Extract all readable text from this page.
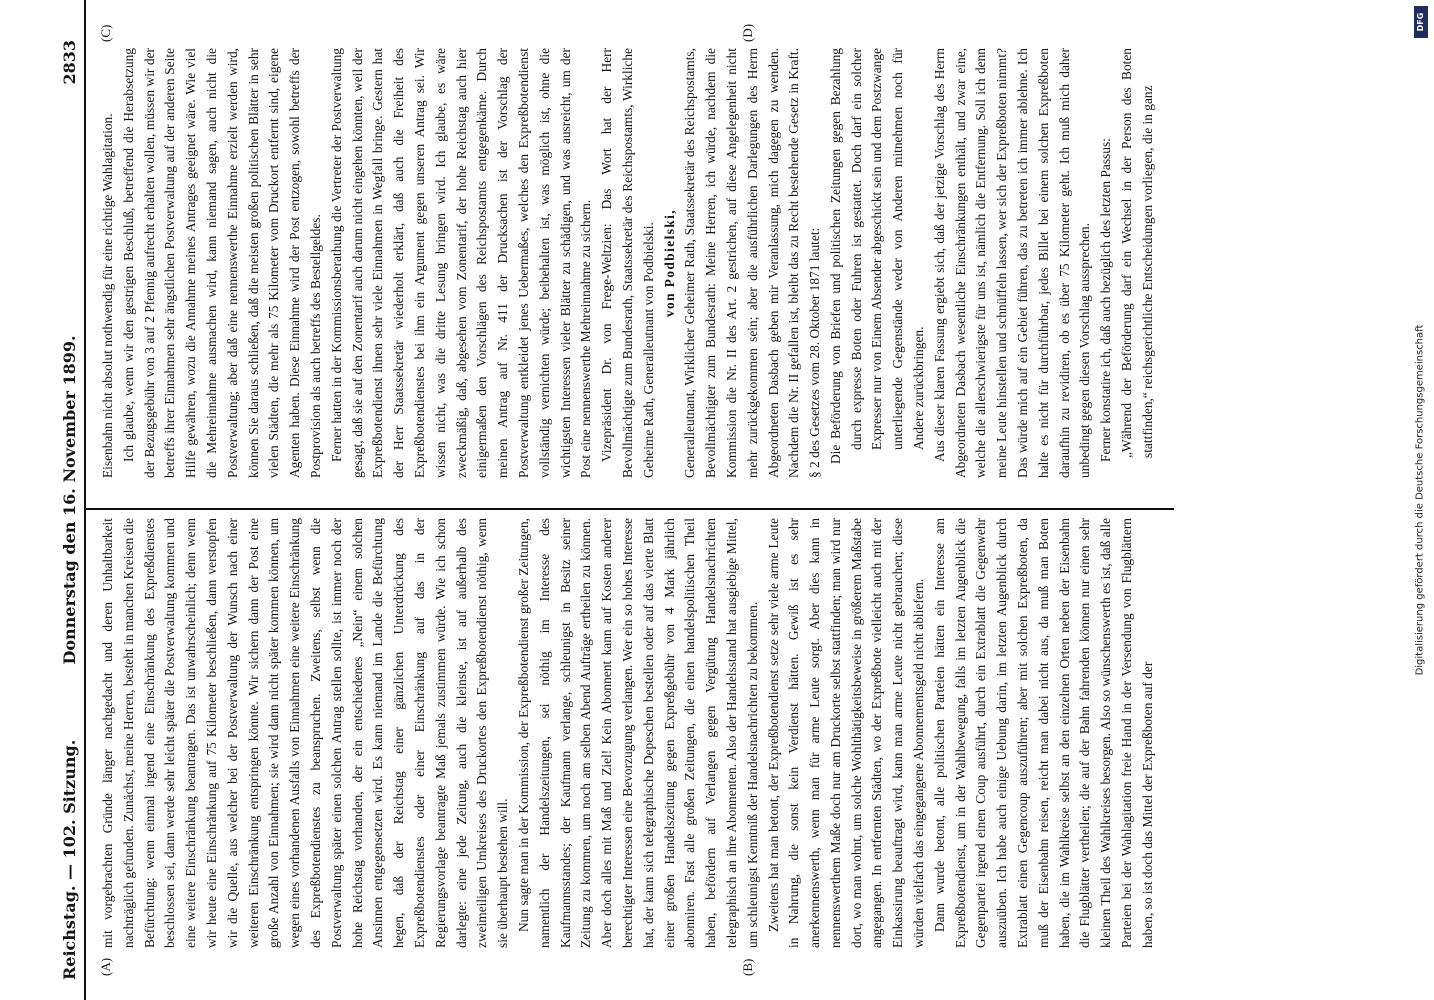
Reichstag. — 102. Sitzung.
Donnerstag den 16. November 1899.
2833
(A)	(B)
(C)	(D)

mit vorgebrachten Gründe länger nachgedacht und deren Unhaltbarkeit nachträglich gefunden. Zunächst, meine Herren, besteht in manchen Kreisen die Befürchtung: wenn einmal irgend eine Einschränkung des Expreßdienstes beschlossen sei, dann werde sehr leicht später die Postverwaltung kommen und eine weitere Einschränkung beantragen. Das ist unwahrscheinlich; denn wenn wir heute eine Einschränkung auf 75 Kilometer beschließen, dann verstopfen wir die Quelle, aus welcher bei der Postverwaltung der Wunsch nach einer weiteren Einschränkung entspringen könnte. Wir sichern dann der Post eine große Anzahl von Einnahmen; sie wird dann nicht später kommen können, um wegen eines vorhandenen Ausfalls von Einnahmen eine weitere Einschränkung des Expreßbotendienstes zu beanspruchen. Zweitens, selbst wenn die Postverwaltung später einen solchen Antrag stellen sollte, ist immer noch der hohe Reichstag vorhanden, der ein entschiedenes „Nein“ einem solchen Ansinnen entgegensetzen wird. Es kann niemand im Lande die Befürchtung hegen, daß der Reichstag einer gänzlichen Unterdrückung des Expreßbotendienstes oder einer Einschränkung auf das in der Regierungsvorlage beantragte Maß jemals zustimmen würde. Wie ich schon darlegte: eine jede Zeitung, auch die kleinste, ist auf außerhalb des zweimeiligen Umkreises des Druckortes den Expreßbotendienst nöthig, wenn sie überhaupt bestehen will. Nun sagte man in der Kommission, der Expreßbotendienst großer Zeitungen, namentlich der Handelszeitungen, sei nöthig im Interesse des Kaufmannsstandes; der Kaufmann verlange, schleunigst in Besitz seiner Zeitung zu kommen, um noch am selben Abend Aufträge ertheilen zu können. Aber doch alles mit Maß und Ziel! Kein Abonnent kann auf Kosten anderer berechtigter Interessen eine Bevorzugung verlangen. Wer ein so hohes Interesse hat, der kann sich telegraphische Depeschen bestellen oder auf das vierte Blatt einer großen Handelszeitung gegen Expreßgebühr von 4 Mark jährlich abonniren. Fast alle großen Zeitungen, die einen handelspolitischen Theil haben, befördern auf Verlangen gegen Vergütung Handelsnachrichten telegraphisch an ihre Abonnenten. Also der Handelsstand hat ausgiebige Mittel, um schleunigst Kenntniß der Handelsnachrichten zu bekommen. Zweitens hat man betont, der Expreßbotendienst setze sehr viele arme Leute in Nahrung, die sonst kein Verdienst hätten. Gewiß ist es sehr anerkennenswerth, wenn man für arme Leute sorgt. Aber dies kann in nennenswerthem Maße doch nur am Druckorte selbst stattfinden; man wird nur dort, wo man wohnt, um solche Wohlthätigkeitsbeweise in größerem Maßstabe angegangen. In entfernten Städten, wo der Expreßbote vielleicht auch mit der Einkassirung beauftragt wird, kann man arme Leute nicht gebrauchen; diese würden vielfach das eingegangene Abonnementsgeld nicht abliefern. Dann wurde betont, alle politischen Parteien hätten ein Interesse am Expreßbotendienst, um in der Wahlbewegung, falls im letzten Augenblick die Gegenpartei irgend einen Coup ausführt, durch ein Extrablatt die Gegenwehr auszuüben. Ich habe auch einige Uebung darin, im letzten Augenblick durch Extrablatt einen Gegencoup auszuführen; aber mit solchen Expreßboten, da muß der Eisenbahn reisen, reicht man dabei nicht aus, da muß man Boten haben, die im Wahlkreise selbst an den einzelnen Orten neben der Eisenbahn die Flugblätter vertheilen; die auf der Bahn fahrenden können nur einen sehr kleinen Theil des Wahlkreises besorgen. Also so wünschenswerth es ist, daß alle Parteien bei der Wahlagitation freie Hand in der Versendung von Flugblättern haben, so ist doch das Mittel der Expreßboten auf der

Eisenbahn nicht absolut nothwendig für eine richtige Wahlagitation. Ich glaube, wenn wir den gestrigen Beschluß, betreffend die Herabsetzung der Bezugsgebühr von 3 auf 2 Pfennig aufrecht erhalten wollen, müssen wir der betreffs ihrer Einnahmen sehr ängstlichen Postverwaltung auf der anderen Seite Hilfe gewähren, wozu die Annahme meines Antrages geeignet wäre. Wie viel die Mehreinnahme ausmachen wird, kann niemand sagen, auch nicht die Postverwaltung; aber daß eine nennenswerthe Einnahme erzielt werden wird, können Sie daraus schließen, daß die meisten großen politischen Blätter in sehr vielen Städten, die mehr als 75 Kilometer vom Druckort entfernt sind, eigene Agenten haben. Diese Einnahme wird der Post entzogen, sowohl betreffs der Postprovision als auch betreffs des Bestellgeldes. Ferner hatten in der Kommissionsberathung die Vertreter der Postverwaltung gesagt, daß sie auf den Zonentarif auch darum nicht eingehen könnten, weil der Expreßbotendienst ihnen sehr viele Einnahmen in Wegfall bringe. Gestern hat der Herr Staatssekretär wiederholt erklärt, daß auch die Freiheit des Expreßbotendienstes bei ihm ein Argument gegen unseren Antrag sei. Wir wissen nicht, was die dritte Lesung bringen wird. Ich glaube, es wäre zweckmäßig, daß, abgesehen vom Zonentarif, der hohe Reichstag auch hier einigermaßen den Vorschlägen des Reichspostamts entgegenkäme. Durch meinen Antrag auf Nr. 411 der Drucksachen ist der Vorschlag der Postverwaltung entkleidet jenes Uebermaßes, welches den Expreßbotendienst vollständig vernichten würde; beibehalten ist, was möglich ist, ohne die wichtigsten Interessen vieler Blätter zu schädigen, und was ausreicht, um der Post eine nennenswerthe Mehreinnahme zu sichern. Vizepräsident Dr. von Frege-Weltzien: Das Wort hat der Herr Bevollmächtigte zum Bundesrath, Staatssekretär des Reichspostamts, Wirkliche Geheime Rath, Generalleutnant von Podbielski. von Podbielski, Generalleutnant, Wirklicher Geheimer Rath, Staatssekretär des Reichspostamts, Bevollmächtigter zum Bundesrath: Meine Herren, ich würde, nachdem die Kommission die Nr. II des Art. 2 gestrichen, auf diese Angelegenheit nicht mehr zurückgekommen sein; aber die ausführlichen Darlegungen des Herrn Abgeordneten Dasbach geben mir Veranlassung, mich dagegen zu wenden. Nachdem die Nr. II gefallen ist, bleibt das zu Recht bestehende Gesetz in Kraft. § 2 des Gesetzes vom 28. Oktober 1871 lautet: Die Beförderung von Briefen und politischen Zeitungen gegen Bezahlung durch expresse Boten oder Fuhren ist gestattet. Doch darf ein solcher Expresser nur von Einem Absender abgeschickt sein und dem Postzwange unterliegende Gegenstände weder von Anderen mitnehmen noch für Andere zurückbringen. Aus dieser klaren Fassung ergiebt sich, daß der jetzige Vorschlag des Herrn Abgeordneten Dasbach wesentliche Einschränkungen enthält, und zwar eine, welche die allerschwierigste für uns ist, nämlich die Entfernung. Soll ich denn meine Leute hinstellen und schnüffeln lassen, wer sich der Expreßboten nimmt? Das würde mich auf ein Gebiet führen, das zu betreten ich immer ablehne. Ich halte es nicht für durchführbar, jedes Billet bei einem solchen Expreßboten daraufhin zu revidiren, ob es über 75 Kilometer geht. Ich muß mich daher unbedingt gegen diesen Vorschlag aussprechen. Ferner konstatire ich, daß auch bezüglich des letzten Passus: „Während der Beförderung darf ein Wechsel in der Person des Boten stattfinden,“ reichsgerichtliche Entscheidungen vorliegen, die in ganz

Digitalisierung gefördert durch die Deutsche Forschungsgemeinschaft
DFG
